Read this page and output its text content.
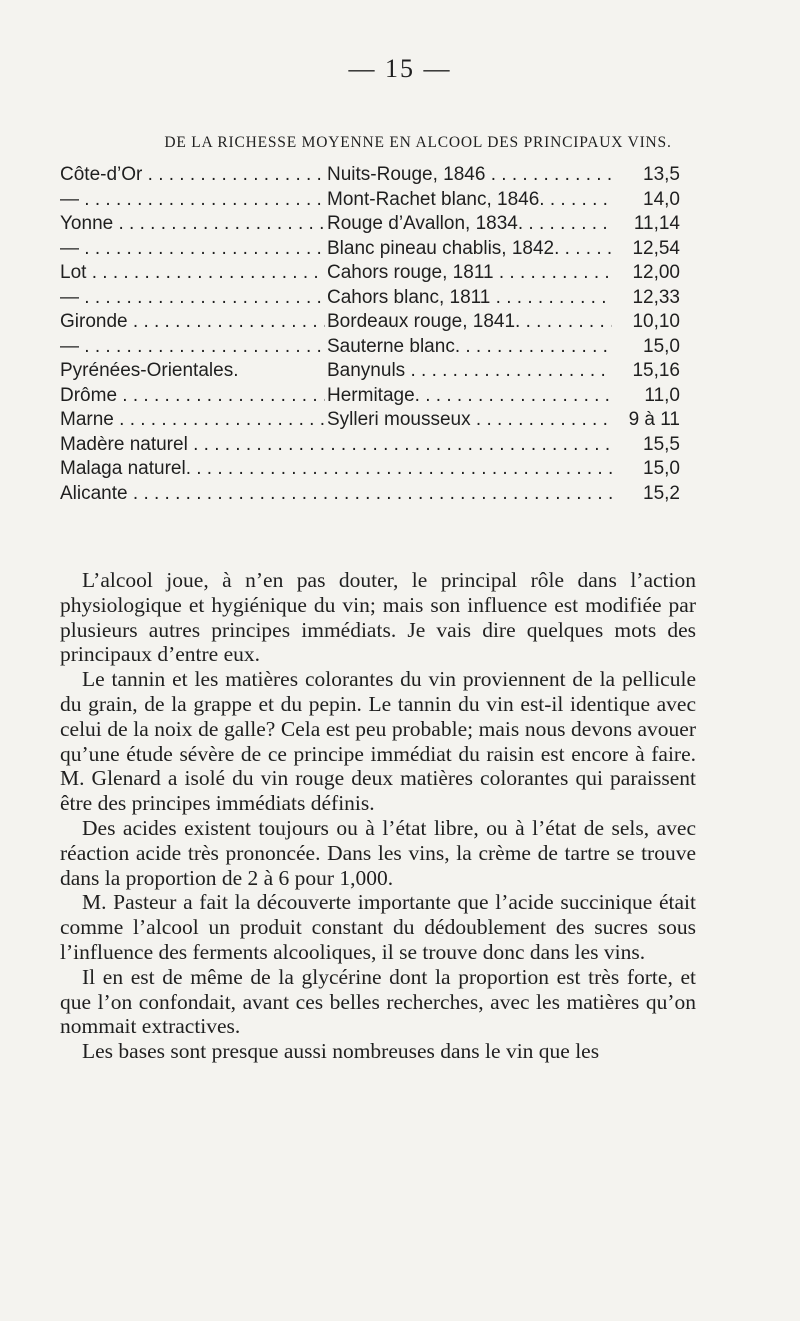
— 15 —
DE LA RICHESSE MOYENNE EN ALCOOL DES PRINCIPAUX VINS.
Côte-d’Or . . .	Nuits-Rouge, 1846 . . .	13,5
— . . .	Mont-Rachet blanc, 1846. . . .	14,0
Yonne . . .	Rouge d’Avallon, 1834. . . .	11,14
— . . .	Blanc pineau chablis, 1842. . . .	12,54
Lot . . .	Cahors rouge, 1811 . . .	12,00
— . . .	Cahors blanc, 1811 . . .	12,33
Gironde . . .	Bordeaux rouge, 1841. . . .	10,10
— . . .	Sauterne blanc. . . .	15,0
Pyrénées-Orientales.	Banynuls . . .	15,16
Drôme . . .	Hermitage. . . .	11,0
Marne . . .	Sylleri mousseux . . .	9 à 11
Madère naturel . . .	15,5
Malaga naturel. . . .	15,0
Alicante . . .	15,2

L’alcool joue, à n’en pas douter, le principal rôle dans l’action physiologique et hygiénique du vin; mais son influence est modifiée par plusieurs autres principes immédiats. Je vais dire quelques mots des principaux d’entre eux.

Le tannin et les matières colorantes du vin proviennent de la pellicule du grain, de la grappe et du pepin. Le tannin du vin est-il identique avec celui de la noix de galle? Cela est peu probable; mais nous devons avouer qu’une étude sévère de ce principe immédiat du raisin est encore à faire. M. Glenard a isolé du vin rouge deux matières colorantes qui paraissent être des principes immédiats définis.

Des acides existent toujours ou à l’état libre, ou à l’état de sels, avec réaction acide très prononcée. Dans les vins, la crème de tartre se trouve dans la proportion de 2 à 6 pour 1,000.

M. Pasteur a fait la découverte importante que l’acide succinique était comme l’alcool un produit constant du dédoublement des sucres sous l’influence des ferments alcooliques, il se trouve donc dans les vins.

Il en est de même de la glycérine dont la proportion est très forte, et que l’on confondait, avant ces belles recherches, avec les matières qu’on nommait extractives.

Les bases sont presque aussi nombreuses dans le vin que les
